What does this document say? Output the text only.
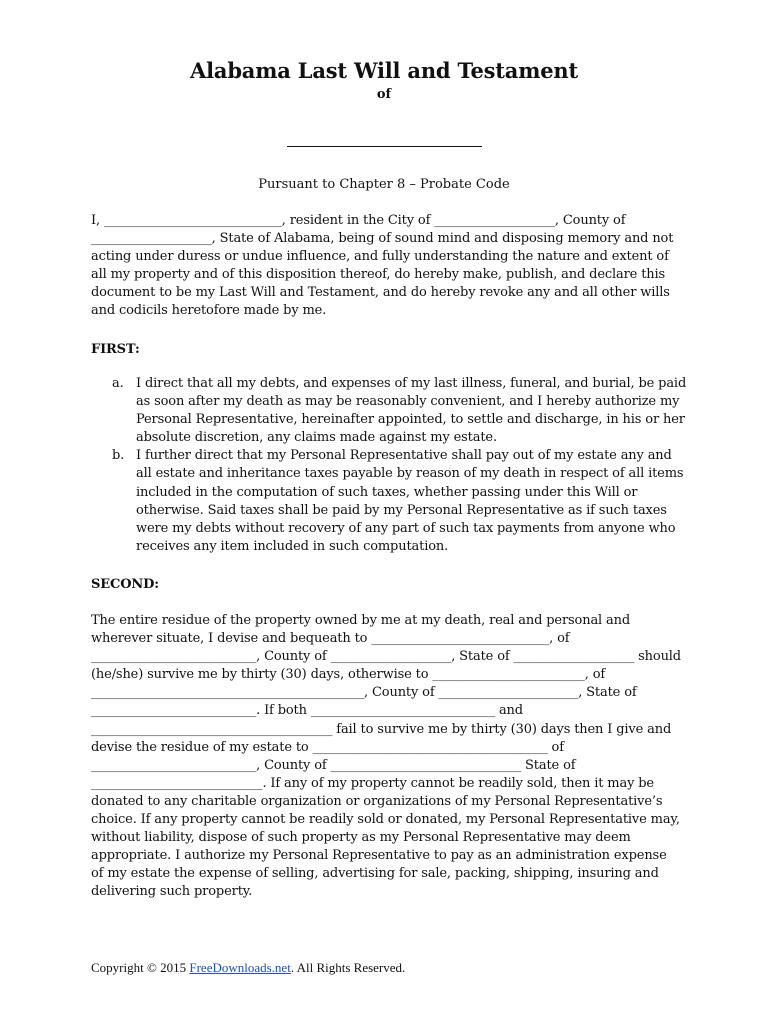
Alabama Last Will and Testament
of
Pursuant to Chapter 8 – Probate Code
I, ____________________________, resident in the City of ___________________, County of
___________________, State of Alabama, being of sound mind and disposing memory and not
acting under duress or undue influence, and fully understanding the nature and extent of
all my property and of this disposition thereof, do hereby make, publish, and declare this
document to be my Last Will and Testament, and do hereby revoke any and all other wills
and codicils heretofore made by me.
FIRST:
a. I direct that all my debts, and expenses of my last illness, funeral, and burial, be paid
as soon after my death as may be reasonably convenient, and I hereby authorize my
Personal Representative, hereinafter appointed, to settle and discharge, in his or her
absolute discretion, any claims made against my estate.
b. I further direct that my Personal Representative shall pay out of my estate any and
all estate and inheritance taxes payable by reason of my death in respect of all items
included in the computation of such taxes, whether passing under this Will or
otherwise. Said taxes shall be paid by my Personal Representative as if such taxes
were my debts without recovery of any part of such tax payments from anyone who
receives any item included in such computation.
SECOND:
The entire residue of the property owned by me at my death, real and personal and
wherever situate, I devise and bequeath to ____________________________, of
__________________________, County of ___________________, State of ___________________ should
(he/she) survive me by thirty (30) days, otherwise to ________________________, of
___________________________________________, County of ______________________, State of
__________________________. If both _____________________________ and
______________________________________ fail to survive me by thirty (30) days then I give and
devise the residue of my estate to _____________________________________ of
__________________________, County of ______________________________ State of
___________________________. If any of my property cannot be readily sold, then it may be
donated to any charitable organization or organizations of my Personal Representative’s
choice. If any property cannot be readily sold or donated, my Personal Representative may,
without liability, dispose of such property as my Personal Representative may deem
appropriate. I authorize my Personal Representative to pay as an administration expense
of my estate the expense of selling, advertising for sale, packing, shipping, insuring and
delivering such property.
Copyright © 2015 FreeDownloads.net. All Rights Reserved.
